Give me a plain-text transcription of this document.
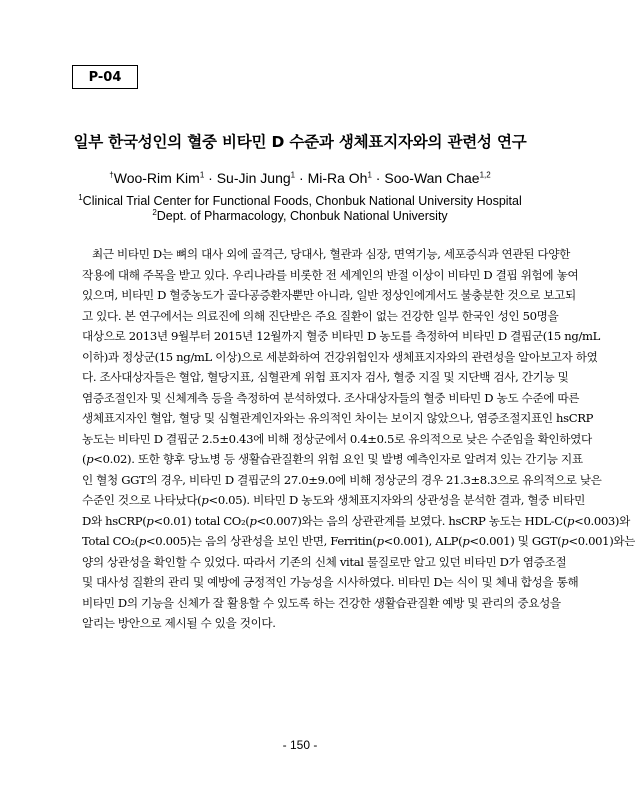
P-04
일부 한국성인의 혈중 비타민 D 수준과 생체표지자와의 관련성 연구
†Woo-Rim Kim$^1$ · Su-Jin Jung$^1$ · Mi-Ra $Oh^1 \cdot Soo-Wan$ Chae$^{1,2}$
$^1$Clinical Trial Center for Functional Foods, Chonbuk National University Hospital
$^2$Dept. of Pharmacology, Chonbuk National University
최근 비타민 D는 뼈의 대사 외에 골격근, 당대사, 혈관과 심장, 면역기능, 세포증식과 연관된 다양한
작용에 대해 주목을 받고 있다. 우리나라를 비롯한 전 세계인의 반절 이상이 비타민 D 결핍 위험에 놓여
있으며, 비타민 D 혈중농도가 골다공증환자뿐만 아니라, 일반 정상인에게서도 불충분한 것으로 보고되
고 있다. 본 연구에서는 의료진에 의해 진단받은 주요 질환이 없는 건강한 일부 한국인 성인 50명을
대상으로 2013년 9월부터 2015년 12월까지 혈중 비타민 D 농도를 측정하여 비타민 D 결핍군(15 ng/mL
이하)과 정상군(15 ng/mL 이상)으로 세분화하여 건강위험인자 생체표지자와의 관련성을 알아보고자 하였
다. 조사대상자들은 혈압, 혈당지표, 심혈관계 위험 표지자 검사, 혈중 지질 및 지단백 검사, 간기능 및
염증조절인자 및 신체계측 등을 측정하여 분석하였다. 조사대상자들의 혈중 비타민 D 농도 수준에 따른
생체표지자인 혈압, 혈당 및 심혈관계인자와는 유의적인 차이는 보이지 않았으나, 염증조절지표인 hsCRP
농도는 비타민 D 결핍군 2.5±0.43에 비해 정상군에서 0.4±0.5로 유의적으로 낮은 수준임을 확인하였다
(p<0.02). 또한 향후 당뇨병 등 생활습관질환의 위험 요인 및 발병 예측인자로 알려져 있는 간기능 지표
인 혈청 GGT의 경우, 비타민 D 결핍군의 27.0±9.0에 비해 정상군의 경우 21.3±8.3으로 유의적으로 낮은
수준인 것으로 나타났다(p<0.05). 비타민 D 농도와 생체표지자와의 상관성을 분석한 결과, 혈중 비타민
D와 hsCRP(p<0.01) total CO₂(p<0.007)와는 음의 상관관계를 보였다. hsCRP 농도는 HDL-C(p<0.003)와
Total CO₂(p<0.005)는 음의 상관성을 보인 반면, Ferritin(p<0.001), ALP(p<0.001) 및 GGT(p<0.001)와는
양의 상관성을 확인할 수 있었다. 따라서 기존의 신체 vital 물질로만 알고 있던 비타민 D가 염증조절
및 대사성 질환의 관리 및 예방에 긍정적인 가능성을 시사하였다. 비타민 D는 식이 및 체내 합성을 통해
비타민 D의 기능을 신체가 잘 활용할 수 있도록 하는 건강한 생활습관질환 예방 및 관리의 중요성을
알리는 방안으로 제시될 수 있을 것이다.
- 150 -
